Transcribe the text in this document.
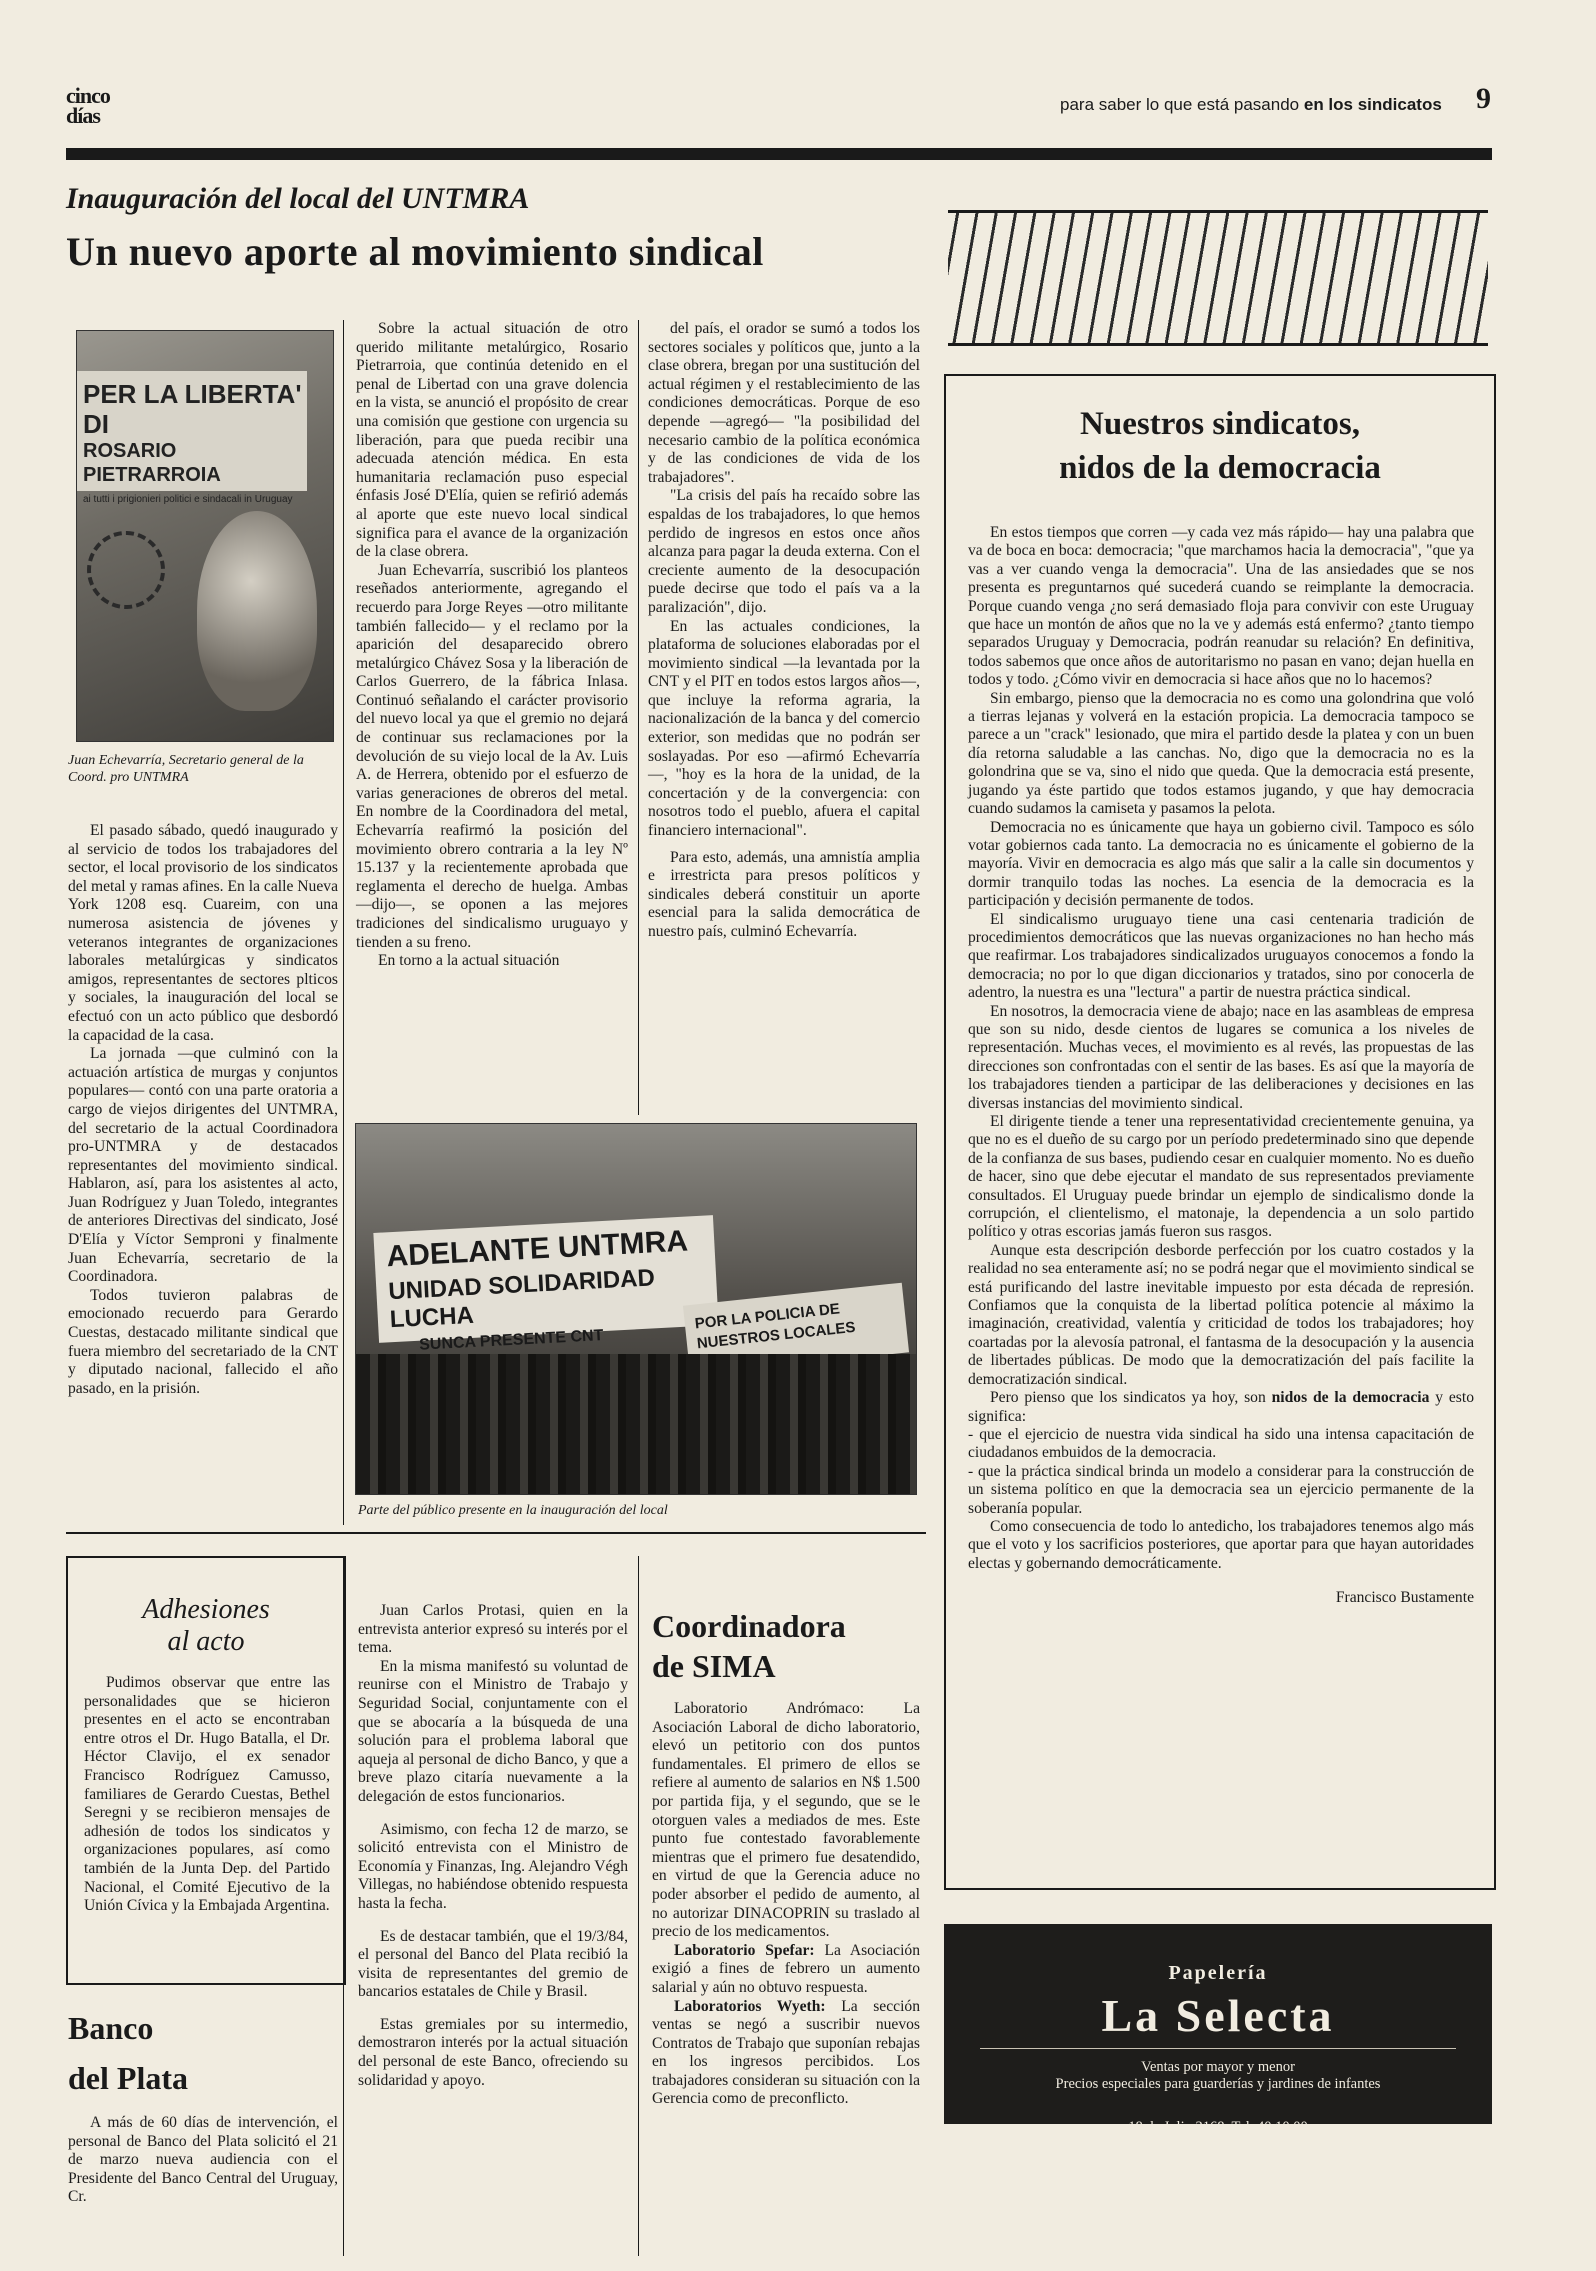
cinco días	para saber lo que está pasando en los sindicatos 9
Inauguración del local del UNTMRA
Un nuevo aporte al movimiento sindical
PER LA LIBERTA' DI
ROSARIO PIETRARROIA
ai tutti i prigionieri politici e sindacali in Uruguay
Juan Echevarría, Secretario general de la Coord. pro UNTMRA

El pasado sábado, quedó inaugurado y al servicio de todos los trabajadores del sector, el local provisorio de los sindicatos del metal y ramas afines. En la calle Nueva York 1208 esq. Cuareim, con una numerosa asistencia de jóvenes y veteranos integrantes de organizaciones laborales metalúrgicas y sindicatos amigos, representantes de sectores plticos y sociales, la inauguración del local se efectuó con un acto público que desbordó la capacidad de la casa.

La jornada —que culminó con la actuación artística de murgas y conjuntos populares— contó con una parte oratoria a cargo de viejos dirigentes del UNTMRA, del secretario de la actual Coordinadora pro-UNTMRA y de destacados representantes del movimiento sindical. Hablaron, así, para los asistentes al acto, Juan Rodríguez y Juan Toledo, integrantes de anteriores Directivas del sindicato, José D'Elía y Víctor Semproni y finalmente Juan Echevarría, secretario de la Coordinadora.

Todos tuvieron palabras de emocionado recuerdo para Gerardo Cuestas, destacado militante sindical que fuera miembro del secretariado de la CNT y diputado nacional, fallecido el año pasado, en la prisión.

Sobre la actual situación de otro querido militante metalúrgico, Rosario Pietrarroia, que continúa detenido en el penal de Libertad con una grave dolencia en la vista, se anunció el propósito de crear una comisión que gestione con urgencia su liberación, para que pueda recibir una adecuada atención médica. En esta humanitaria reclamación puso especial énfasis José D'Elía, quien se refirió además al aporte que este nuevo local sindical significa para el avance de la organización de la clase obrera.

Juan Echevarría, suscribió los planteos reseñados anteriormente, agregando el recuerdo para Jorge Reyes —otro militante también fallecido— y el reclamo por la aparición del desaparecido obrero metalúrgico Chávez Sosa y la liberación de Carlos Guerrero, de la fábrica Inlasa. Continuó señalando el carácter provisorio del nuevo local ya que el gremio no dejará de continuar sus reclamaciones por la devolución de su viejo local de la Av. Luis A. de Herrera, obtenido por el esfuerzo de varias generaciones de obreros del metal. En nombre de la Coordinadora del metal, Echevarría reafirmó la posición del movimiento obrero contraria a la ley Nº 15.137 y la recientemente aprobada que reglamenta el derecho de huelga. Ambas —dijo—, se oponen a las mejores tradiciones del sindicalismo uruguayo y tienden a su freno.

En torno a la actual situación

del país, el orador se sumó a todos los sectores sociales y políticos que, junto a la clase obrera, bregan por una sustitución del actual régimen y el restablecimiento de las condiciones democráticas. Porque de eso depende —agregó— "la posibilidad del necesario cambio de la política económica y de las condiciones de vida de los trabajadores".

"La crisis del país ha recaído sobre las espaldas de los trabajadores, lo que hemos perdido de ingresos en estos once años alcanza para pagar la deuda externa. Con el creciente aumento de la desocupación puede decirse que todo el país va a la paralización", dijo.

En las actuales condiciones, la plataforma de soluciones elaboradas por el movimiento sindical —la levantada por la CNT y el PIT en todos estos largos años—, que incluye la reforma agraria, la nacionalización de la banca y del comercio exterior, son medidas que no podrán ser soslayadas. Por eso —afirmó Echevarría—, "hoy es la hora de la unidad, de la concertación y de la convergencia: con nosotros todo el pueblo, afuera el capital financiero internacional".

Para esto, además, una amnistía amplia e irrestricta para presos políticos y sindicales deberá constituir un aporte esencial para la salida democrática de nuestro país, culminó Echevarría.

ADELANTE UNTMRA
UNIDAD SOLIDARIDAD LUCHA
SUNCA PRESENTE CNT
POR LA POLICIA DE NUESTROS LOCALES
Parte del público presente en la inauguración del local
Adhesiones
al acto

Pudimos observar que entre las personalidades que se hicieron presentes en el acto se encontraban entre otros el Dr. Hugo Batalla, el Dr. Héctor Clavijo, el ex senador Francisco Rodríguez Camusso, familiares de Gerardo Cuestas, Bethel Seregni y se recibieron mensajes de adhesión de todos los sindicatos y organizaciones populares, así como también de la Junta Dep. del Partido Nacional, el Comité Ejecutivo de la Unión Cívica y la Embajada Argentina.

Banco
del Plata

A más de 60 días de intervención, el personal de Banco del Plata solicitó el 21 de marzo nueva audiencia con el Presidente del Banco Central del Uruguay, Cr.

Juan Carlos Protasi, quien en la entrevista anterior expresó su interés por el tema.

En la misma manifestó su voluntad de reunirse con el Ministro de Trabajo y Seguridad Social, conjuntamente con el que se abocaría a la búsqueda de una solución para el problema laboral que aqueja al personal de dicho Banco, y que a breve plazo citaría nuevamente a la delegación de estos funcionarios.

Asimismo, con fecha 12 de marzo, se solicitó entrevista con el Ministro de Economía y Finanzas, Ing. Alejandro Végh Villegas, no habiéndose obtenido respuesta hasta la fecha.

Es de destacar también, que el 19/3/84, el personal del Banco del Plata recibió la visita de representantes del gremio de bancarios estatales de Chile y Brasil.

Estas gremiales por su intermedio, demostraron interés por la actual situación del personal de este Banco, ofreciendo su solidaridad y apoyo.

Coordinadora
de SIMA

Laboratorio Andrómaco: La Asociación Laboral de dicho laboratorio, elevó un petitorio con dos puntos fundamentales. El primero de ellos se refiere al aumento de salarios en N$ 1.500 por partida fija, y el segundo, que se le otorguen vales a mediados de mes. Este punto fue contestado favorablemente mientras que el primero fue desatendido, en virtud de que la Gerencia aduce no poder absorber el pedido de aumento, al no autorizar DINACOPRIN su traslado al precio de los medicamentos.

Laboratorio Spefar: La Asociación exigió a fines de febrero un aumento salarial y aún no obtuvo respuesta.

Laboratorios Wyeth: La sección ventas se negó a suscribir nuevos Contratos de Trabajo que suponían rebajas en los ingresos percibidos. Los trabajadores consideran su situación con la Gerencia como de preconflicto.

Nuestros sindicatos,
nidos de la democracia

En estos tiempos que corren —y cada vez más rápido— hay una palabra que va de boca en boca: democracia; "que marchamos hacia la democracia", "que ya vas a ver cuando venga la democracia". Una de las ansiedades que se nos presenta es preguntarnos qué sucederá cuando se reimplante la democracia. Porque cuando venga ¿no será demasiado floja para convivir con este Uruguay que hace un montón de años que no la ve y además está enfermo? ¿tanto tiempo separados Uruguay y Democracia, podrán reanudar su relación? En definitiva, todos sabemos que once años de autoritarismo no pasan en vano; dejan huella en todos y todo. ¿Cómo vivir en democracia si hace años que no lo hacemos?

Sin embargo, pienso que la democracia no es como una golondrina que voló a tierras lejanas y volverá en la estación propicia. La democracia tampoco se parece a un "crack" lesionado, que mira el partido desde la platea y con un buen día retorna saludable a las canchas. No, digo que la democracia no es la golondrina que se va, sino el nido que queda. Que la democracia está presente, jugando ya éste partido que todos estamos jugando, y que hay democracia cuando sudamos la camiseta y pasamos la pelota.

Democracia no es únicamente que haya un gobierno civil. Tampoco es sólo votar gobiernos cada tanto. La democracia no es únicamente el gobierno de la mayoría. Vivir en democracia es algo más que salir a la calle sin documentos y dormir tranquilo todas las noches. La esencia de la democracia es la participación y decisión permanente de todos.

El sindicalismo uruguayo tiene una casi centenaria tradición de procedimientos democráticos que las nuevas organizaciones no han hecho más que reafirmar. Los trabajadores sindicalizados uruguayos conocemos a fondo la democracia; no por lo que digan diccionarios y tratados, sino por conocerla de adentro, la nuestra es una "lectura" a partir de nuestra práctica sindical.

En nosotros, la democracia viene de abajo; nace en las asambleas de empresa que son su nido, desde cientos de lugares se comunica a los niveles de representación. Muchas veces, el movimiento es al revés, las propuestas de las direcciones son confrontadas con el sentir de las bases. Es así que la mayoría de los trabajadores tienden a participar de las deliberaciones y decisiones en las diversas instancias del movimiento sindical.

El dirigente tiende a tener una representatividad crecientemente genuina, ya que no es el dueño de su cargo por un período predeterminado sino que depende de la confianza de sus bases, pudiendo cesar en cualquier momento. No es dueño de hacer, sino que debe ejecutar el mandato de sus representados previamente consultados. El Uruguay puede brindar un ejemplo de sindicalismo donde la corrupción, el clientelismo, el matonaje, la dependencia a un solo partido político y otras escorias jamás fueron sus rasgos.

Aunque esta descripción desborde perfección por los cuatro costados y la realidad no sea enteramente así; no se podrá negar que el movimiento sindical se está purificando del lastre inevitable impuesto por esta década de represión. Confiamos que la conquista de la libertad política potencie al máximo la imaginación, creatividad, valentía y criticidad de todos los trabajadores; hoy coartadas por la alevosía patronal, el fantasma de la desocupación y la ausencia de libertades públicas. De modo que la democratización del país facilite la democratización sindical.

Pero pienso que los sindicatos ya hoy, son nidos de la democracia y esto significa:

- que el ejercicio de nuestra vida sindical ha sido una intensa capacitación de ciudadanos embuidos de la democracia.

- que la práctica sindical brinda un modelo a considerar para la construcción de un sistema político en que la democracia sea un ejercicio permanente de la soberanía popular.

Como consecuencia de todo lo antedicho, los trabajadores tenemos algo más que el voto y los sacrificios posteriores, que aportar para que hayan autoridades electas y gobernando democráticamente.

Francisco Bustamente

Papelería
La Selecta
Ventas por mayor y menor
Precios especiales para guarderías y jardines de infantes
18 de Julio 2168. Tel. 40 10 00
